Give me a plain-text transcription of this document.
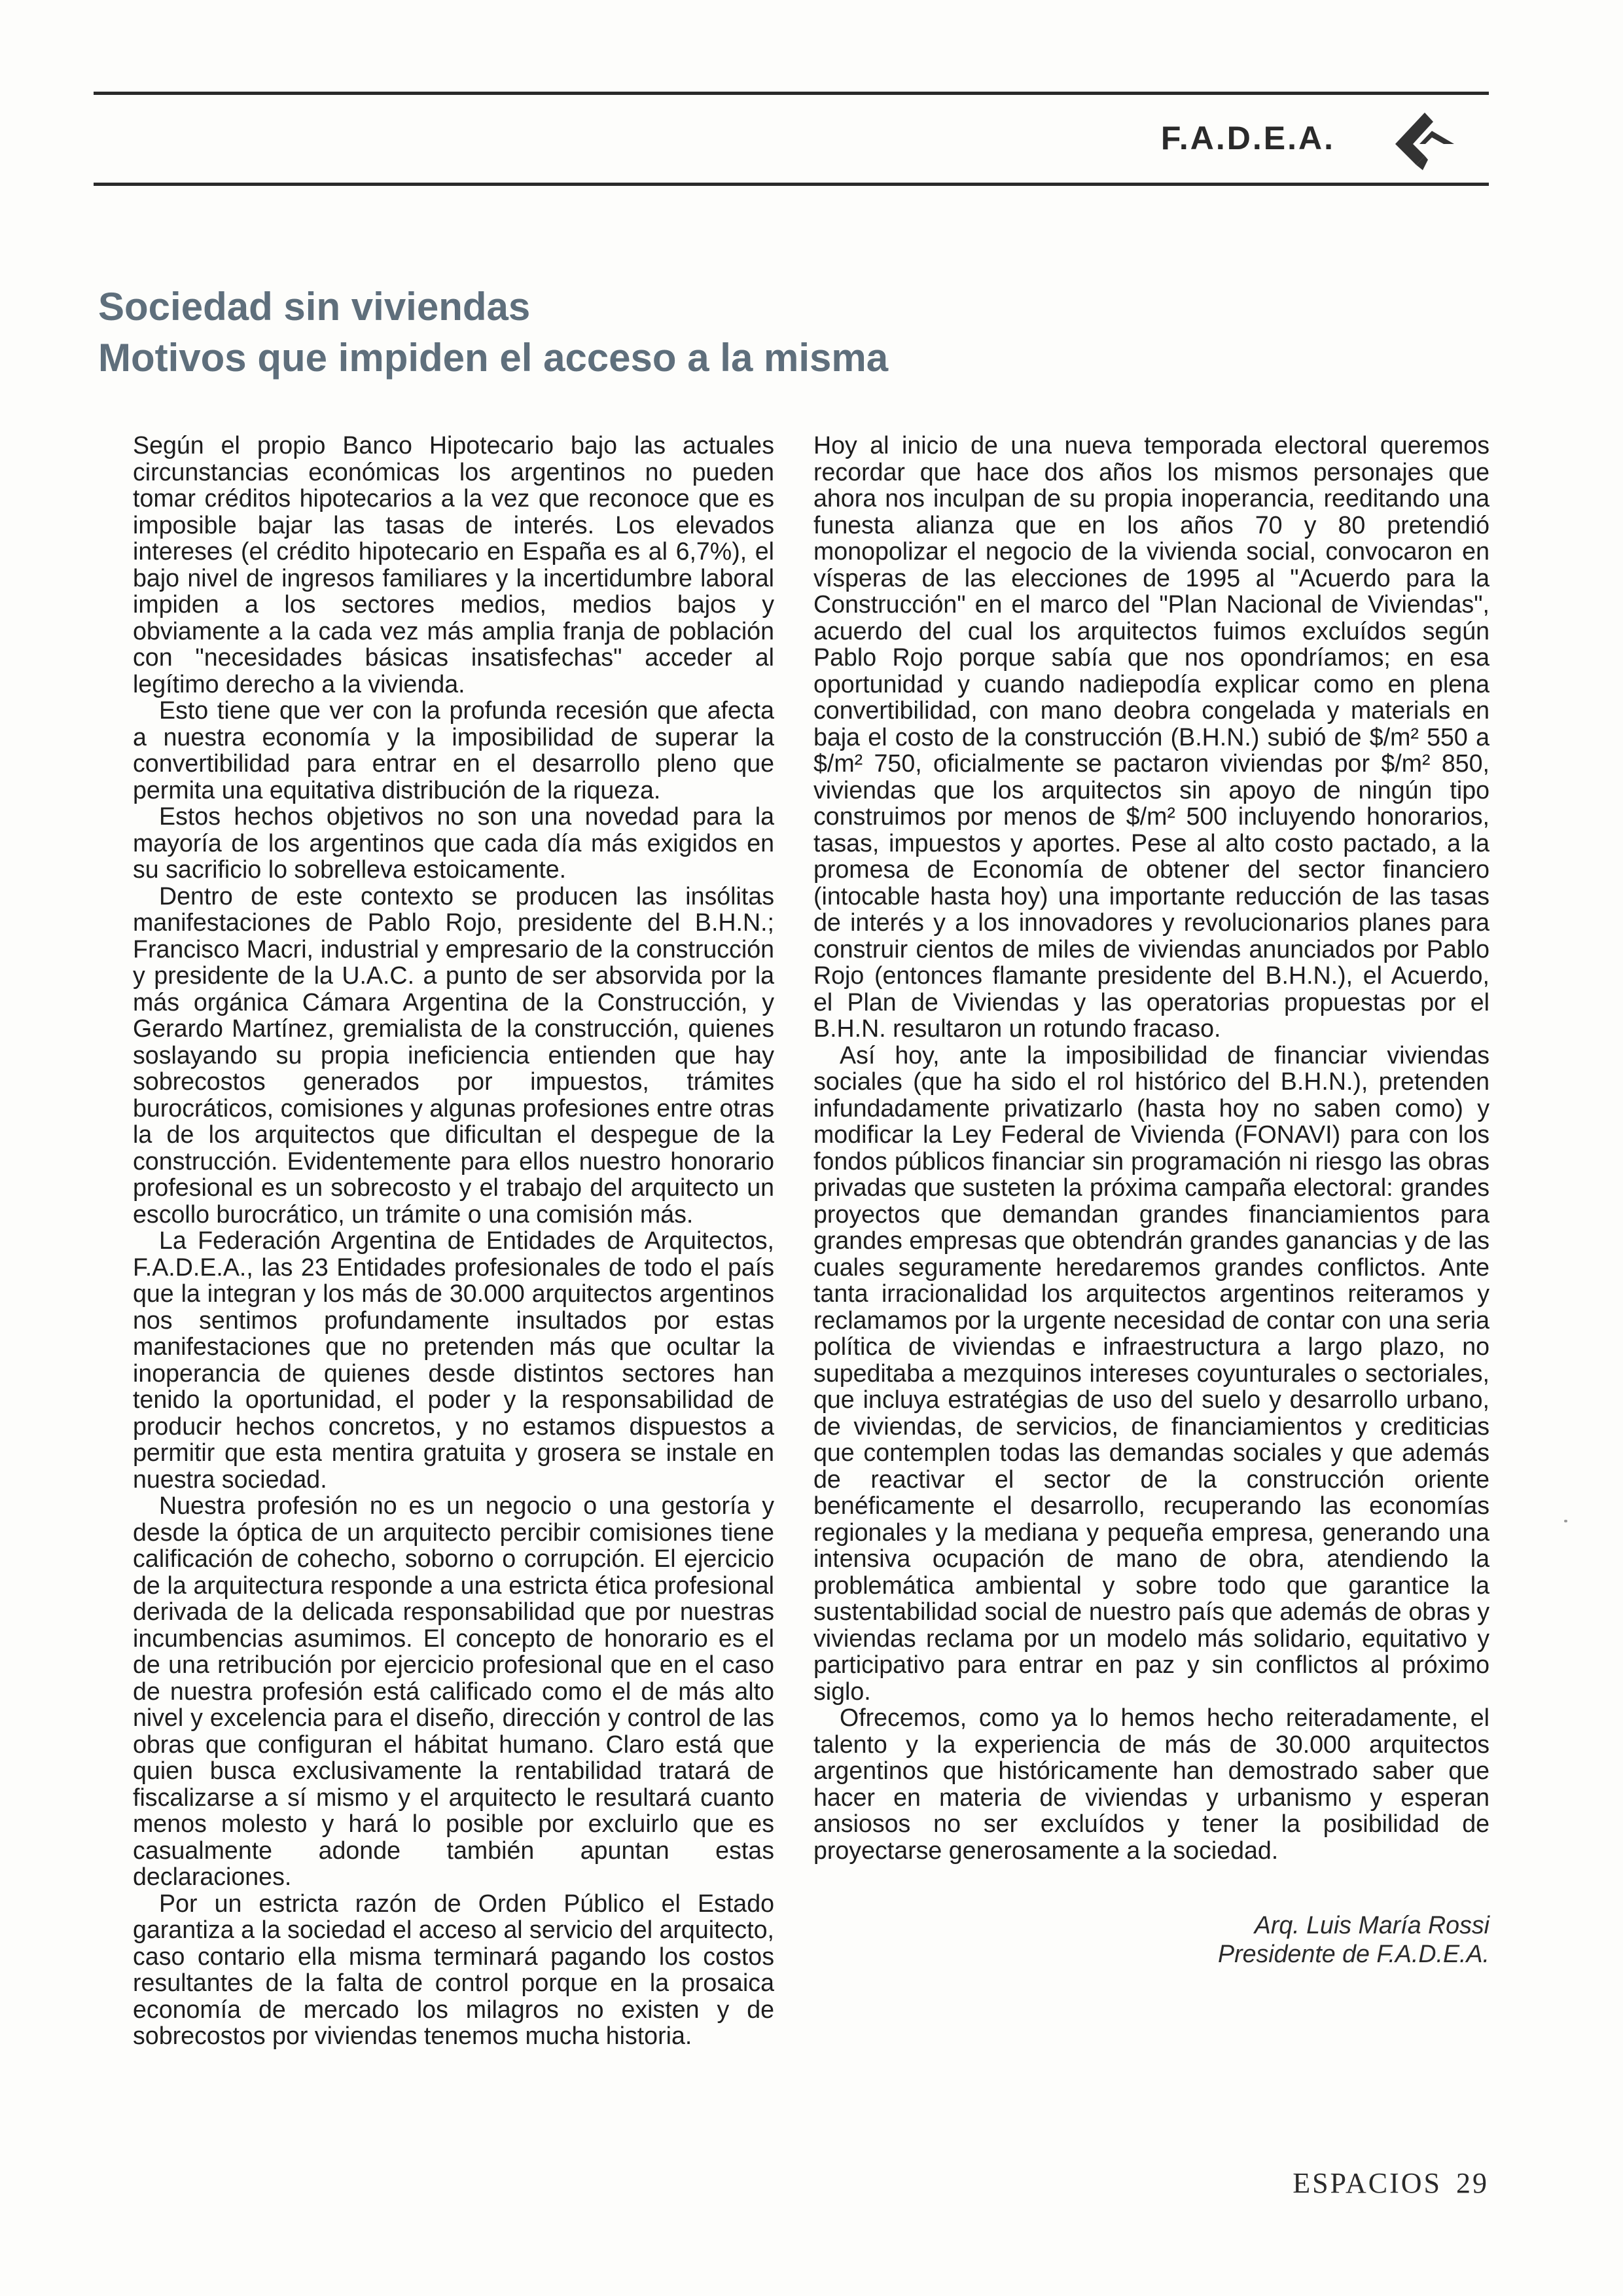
F.A.D.E.A.
Sociedad sin viviendas
Motivos que impiden el acceso a la misma

Según el propio Banco Hipotecario bajo las actuales circunstancias económicas los argentinos no pueden tomar créditos hipotecarios a la vez que reconoce que es imposible bajar las tasas de interés. Los elevados intereses (el crédito hipotecario en España es al 6,7%), el bajo nivel de ingresos familiares y la incertidumbre laboral impiden a los sectores medios, medios bajos y obviamente a la cada vez más amplia franja de población con "necesidades básicas insatisfechas" acceder al legítimo derecho a la vivienda.

Esto tiene que ver con la profunda recesión que afecta a nuestra economía y la imposibilidad de superar la convertibilidad para entrar en el desarrollo pleno que permita una equitativa distribución de la riqueza.

Estos hechos objetivos no son una novedad para la mayoría de los argentinos que cada día más exigidos en su sacrificio lo sobrelleva estoicamente.

Dentro de este contexto se producen las insólitas manifestaciones de Pablo Rojo, presidente del B.H.N.; Francisco Macri, industrial y empresario de la construcción y presidente de la U.A.C. a punto de ser absorvida por la más orgánica Cámara Argentina de la Construcción, y Gerardo Martínez, gremialista de la construcción, quienes soslayando su propia ineficiencia entienden que hay sobrecostos generados por impuestos, trámites burocráticos, comisiones y algunas profesiones entre otras la de los arquitectos que dificultan el despegue de la construcción. Evidentemente para ellos nuestro honorario profesional es un sobrecosto y el trabajo del arquitecto un escollo burocrático, un trámite o una comisión más.

La Federación Argentina de Entidades de Arquitectos, F.A.D.E.A., las 23 Entidades profesionales de todo el país que la integran y los más de 30.000 arquitectos argentinos nos sentimos profundamente insultados por estas manifestaciones que no pretenden más que ocultar la inoperancia de quienes desde distintos sectores han tenido la oportunidad, el poder y la responsabilidad de producir hechos concretos, y no estamos dispuestos a permitir que esta mentira gratuita y grosera se instale en nuestra sociedad.

Nuestra profesión no es un negocio o una gestoría y desde la óptica de un arquitecto percibir comisiones tiene calificación de cohecho, soborno o corrupción. El ejercicio de la arquitectura responde a una estricta ética profesional derivada de la delicada responsabilidad que por nuestras incumbencias asumimos. El concepto de honorario es el de una retribución por ejercicio profesional que en el caso de nuestra profesión está calificado como el de más alto nivel y excelencia para el diseño, dirección y control de las obras que configuran el hábitat humano. Claro está que quien busca exclusivamente la rentabilidad tratará de fiscalizarse a sí mismo y el arquitecto le resultará cuanto menos molesto y hará lo posible por excluirlo que es casualmente adonde también apuntan estas declaraciones.

Por un estricta razón de Orden Público el Estado garantiza a la sociedad el acceso al servicio del arquitecto, caso contario ella misma terminará pagando los costos resultantes de la falta de control porque en la prosaica economía de mercado los milagros no existen y de sobrecostos por viviendas tenemos mucha historia.

Hoy al inicio de una nueva temporada electoral queremos recordar que hace dos años los mismos personajes que ahora nos inculpan de su propia inoperancia, reeditando una funesta alianza que en los años 70 y 80 pretendió monopolizar el negocio de la vivienda social, convocaron en vísperas de las elecciones de 1995 al "Acuerdo para la Construcción" en el marco del "Plan Nacional de Viviendas", acuerdo del cual los arquitectos fuimos excluídos según Pablo Rojo porque sabía que nos opondríamos; en esa oportunidad y cuando nadiepodía explicar como en plena convertibilidad, con mano deobra congelada y materials en baja el costo de la construcción (B.H.N.) subió de $/m² 550 a $/m² 750, oficialmente se pactaron viviendas por $/m² 850, viviendas que los arquitectos sin apoyo de ningún tipo construimos por menos de $/m² 500 incluyendo honorarios, tasas, impuestos y aportes. Pese al alto costo pactado, a la promesa de Economía de obtener del sector financiero (intocable hasta hoy) una importante reducción de las tasas de interés y a los innovadores y revolucionarios planes para construir cientos de miles de viviendas anunciados por Pablo Rojo (entonces flamante presidente del B.H.N.), el Acuerdo, el Plan de Viviendas y las operatorias propuestas por el B.H.N. resultaron un rotundo fracaso.

Así hoy, ante la imposibilidad de financiar viviendas sociales (que ha sido el rol histórico del B.H.N.), pretenden infundadamente privatizarlo (hasta hoy no saben como) y modificar la Ley Federal de Vivienda (FONAVI) para con los fondos públicos financiar sin programación ni riesgo las obras privadas que susteten la próxima campaña electoral: grandes proyectos que demandan grandes financiamientos para grandes empresas que obtendrán grandes ganancias y de las cuales seguramente heredaremos grandes conflictos. Ante tanta irracionalidad los arquitectos argentinos reiteramos y reclamamos por la urgente necesidad de contar con una seria política de viviendas e infraestructura a largo plazo, no supeditaba a mezquinos intereses coyunturales o sectoriales, que incluya estratégias de uso del suelo y desarrollo urbano, de viviendas, de servicios, de financiamientos y crediticias que contemplen todas las demandas sociales y que además de reactivar el sector de la construcción oriente benéficamente el desarrollo, recuperando las economías regionales y la mediana y pequeña empresa, generando una intensiva ocupación de mano de obra, atendiendo la problemática ambiental y sobre todo que garantice la sustentabilidad social de nuestro país que además de obras y viviendas reclama por un modelo más solidario, equitativo y participativo para entrar en paz y sin conflictos al próximo siglo.

Ofrecemos, como ya lo hemos hecho reiteradamente, el talento y la experiencia de más de 30.000 arquitectos argentinos que históricamente han demostrado saber que hacer en materia de viviendas y urbanismo y esperan ansiosos no ser excluídos y tener la posibilidad de proyectarse generosamente a la sociedad.

Arq. Luis María Rossi
Presidente de F.A.D.E.A.
ESPACIOS 29
